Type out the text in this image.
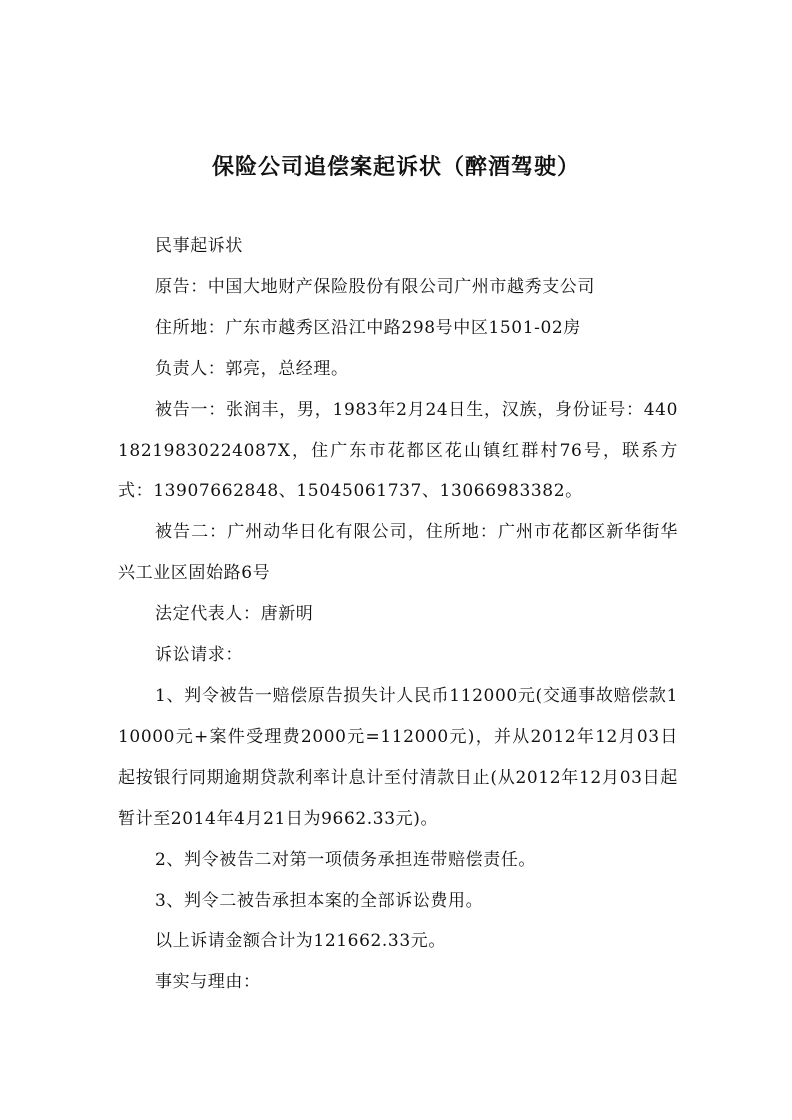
保险公司追偿案起诉状（醉酒驾驶）

民事起诉状

原告：中国大地财产保险股份有限公司广州市越秀支公司

住所地：广东市越秀区沿江中路298号中区1501-02房

负责人：郭亮，总经理。

被告一：张润丰，男，1983年2月24日生，汉族，身份证号：44018219830224087X，住广东市花都区花山镇红群村76号，联系方式：13907662848、15045061737、13066983382。

被告二：广州动华日化有限公司，住所地：广州市花都区新华街华兴工业区固始路6号

法定代表人：唐新明

诉讼请求：

1、判令被告一赔偿原告损失计人民币112000元(交通事故赔偿款110000元+案件受理费2000元=112000元)，并从2012年12月03日起按银行同期逾期贷款利率计息计至付清款日止(从2012年12月03日起暂计至2014年4月21日为9662.33元)。

2、判令被告二对第一项债务承担连带赔偿责任。

3、判令二被告承担本案的全部诉讼费用。

以上诉请金额合计为121662.33元。

事实与理由：
